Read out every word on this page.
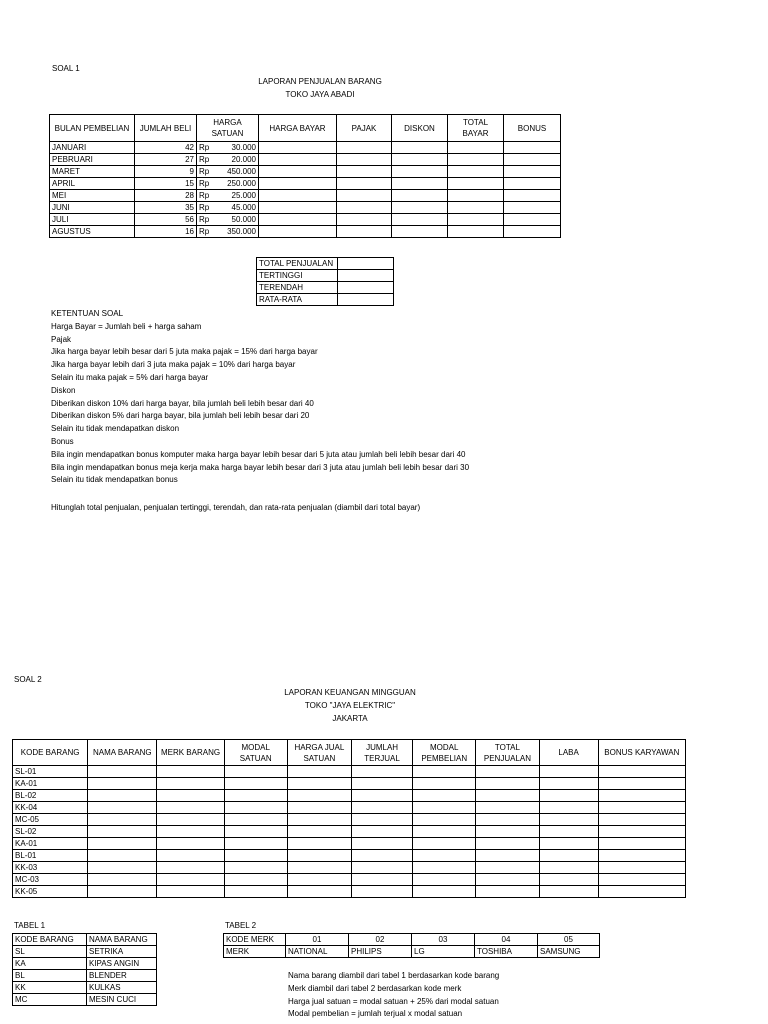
SOAL 1
LAPORAN PENJUALAN BARANG
TOKO JAYA ABADI
BULAN PEMBELIAN	JUMLAH BELI	HARGA SATUAN	HARGA BAYAR	PAJAK	DISKON	TOTAL BAYAR	BONUS
JANUARI	42	Rp 30.000					

PEBRUARI	27	Rp 20.000					

MARET	9	Rp 450.000					

APRIL	15	Rp 250.000					

MEI	28	Rp 25.000					

JUNI	35	Rp 45.000					

JULI	56	Rp 50.000					

AGUSTUS	16	Rp 350.000					

TOTAL PENJUALAN	
TERTINGGI	
TERENDAH	
RATA-RATA	
KETENTUAN SOAL
Harga Bayar = Jumlah beli + harga saham
Pajak
Jika harga bayar lebih besar dari 5 juta maka pajak = 15% dari harga bayar
Jika harga bayar lebih dari 3 juta maka pajak = 10% dari harga bayar
Selain itu maka pajak = 5% dari harga bayar
Diskon
Diberikan diskon 10% dari harga bayar, bila jumlah beli lebih besar dari 40
Diberikan diskon 5% dari harga bayar, bila jumlah beli lebih besar dari 20
Selain itu tidak mendapatkan diskon
Bonus
Bila ingin mendapatkan bonus komputer maka harga bayar lebih besar dari 5 juta atau jumlah beli lebih besar dari 40
Bila ingin mendapatkan bonus meja kerja maka harga bayar lebih besar dari 3 juta atau jumlah beli lebih besar dari 30
Selain itu tidak mendapatkan bonus
Hitunglah total penjualan, penjualan tertinggi, terendah, dan rata-rata penjualan (diambil dari total bayar)
SOAL 2
LAPORAN KEUANGAN MINGGUAN
TOKO "JAYA ELEKTRIC"
JAKARTA
KODE BARANG	NAMA BARANG	MERK BARANG	MODAL SATUAN	HARGA JUAL SATUAN	JUMLAH TERJUAL	MODAL PEMBELIAN	TOTAL PENJUALAN	LABA	BONUS KARYAWAN
SL-01									
KA-01									
BL-02									
KK-04									
MC-05									
SL-02									
KA-01									
BL-01									
KK-03									
MC-03									
KK-05									
TABEL 1
KODE BARANG	NAMA BARANG
SL	SETRIKA
KA	KIPAS ANGIN
BL	BLENDER
KK	KULKAS
MC	MESIN CUCI
TABEL 2
KODE MERK	01	02	03	04	05
MERK	NATIONAL	PHILIPS	LG	TOSHIBA	SAMSUNG
Nama barang diambil dari tabel 1 berdasarkan kode barang
Merk diambil dari tabel 2 berdasarkan kode merk
Harga jual satuan = modal satuan + 25% dari modal satuan
Modal pembelian = jumlah terjual x modal satuan
